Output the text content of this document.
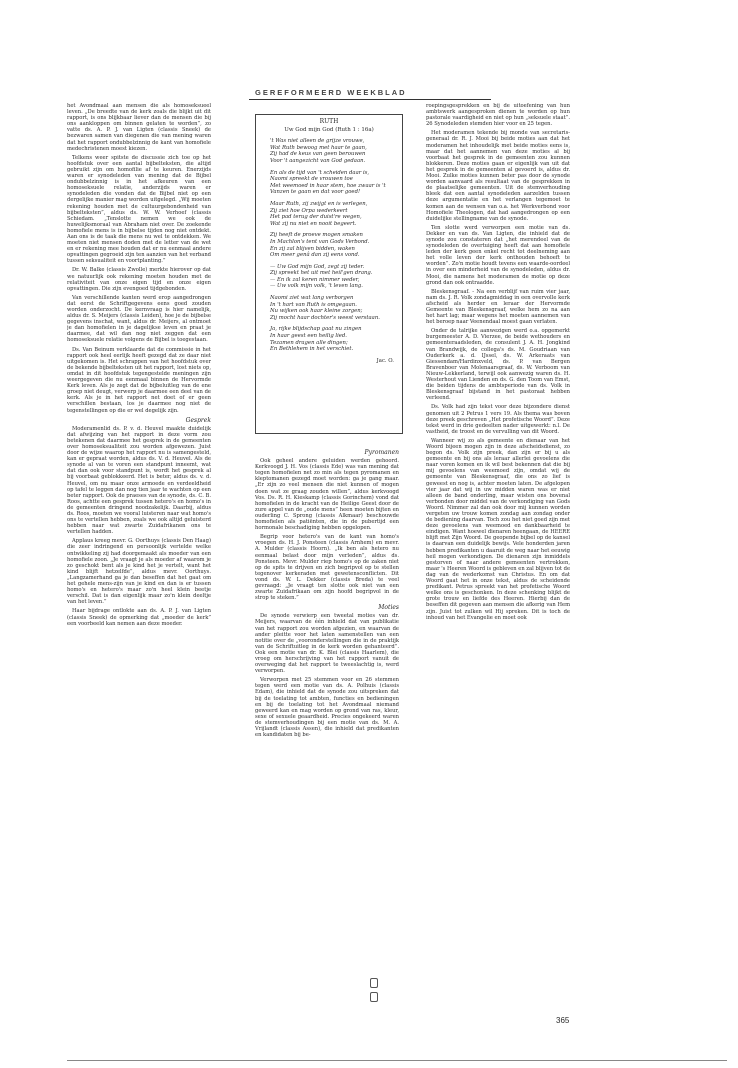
GEREFORMEERD WEEKBLAD

het Avondmaal aan mensen die als homoseksueel leven. „De breedte van de kerk zoals die blijkt uit dit rapport, is ons blijkbaar liever dan de mensen die bij ons aankloppen om binnen gelaten te worden”, zo vatte ds. A. P. J. van Ligten (classis Sneek) de bezwaren samen van diegenen die van mening waren dat het rapport ondubbelzinnig de kant van homofiele medechristenen moest kiezen.

Telkens weer spitste de discussie zich toe op het hoofdstuk over een aantal bijbelteksten, die altijd gebruikt zijn om homofilie af te keuren. Enerzijds waren er synodeleden van mening dat de Bijbel ondubbelzinnig is in het afkeuren van een homoseksuele relatie, anderzijds waren er synodeleden die vonden dat de Bijbel niet op een dergelijke manier mag worden uitgelegd. „Wij moeten rekening houden met de cultuurgebondenheid van bijbelteksten”, aldus ds. W. W. Verhoef (classis Schiedam. „Tenslotte nemen we ook de huwelijksmoraal van Abraham niet over. De zoekende homofiele mens is in bijbelse tijden nog niet ontdekt. Aan ons is de taak die mens nu wel te ontdekken. We moeten niet mensen doden met de letter van de wet en er rekening mee houden dat er nu eenmaal andere opvattingen gegroeid zijn ten aanzien van het verband tussen seksualiteit en voortplanting.”

Dr. W. Balke (classis Zwolle) merkte hierover op dat we natuurlijk ook rekening moeten houden met de relativiteit van onze eigen tijd en onze eigen opvattingen. Die zijn evengoed tijdgebonden.

Van verschillende kanten werd erop aangedrongen dat eerst de Schriftgegevens eens goed zouden worden onderzocht. De kernvraag is hier namelijk, aldus dr. S. Meijers (classis Leiden), hoe je de bijbelse gegevens inschat, want, aldus dr. Meijers, al ontmoet je dan homofielen in je dagelijkse leven en praat je daarmee, dat wil dan nog niet zeggen dat een homoseksuele relatie volgens de Bijbel is toegestaan.

Ds. Van Beinum verklaarde dat de commissie in het rapport ook heel eerlijk heeft gezegd dat ze daar niet uitgekomen is. Het schrappen van het hoofdstuk over de bekende bijbelteksten uit het rapport, lost niets op, omdat in dit hoofdstuk tegengestelde meningen zijn weergegeven die nu eenmaal binnen de Hervormde Kerk leven. Als je zegt dat de bijbeluitleg van de ene groep niet deugt, verwerp je daarmee een deel van de kerk. Als je in het rapport net doet of er geen verschillen bestaan, los je daarmee nog niet de tegenstellingen op die er wel degelijk zijn.

Gesprek

Moderamenlid ds. P. v. d. Heuvel maakte duidelijk dat afwijzing van het rapport in deze vorm zou betekenen dat daarmee het gesprek in de gemeenten over homoseksualiteit zou worden afgewezen. Juist door de wijze waarop het rapport nu is samengesteld, kan er gepraat worden, aldus ds. V. d. Heuvel. Als de synode al van te voren een standpunt inneemt, wat dat dan ook voor standpunt is, wordt het gesprek al bij voorbaat geblokkeerd. Het is beter, aldus ds. v. d. Heuvel, om nu maar onze armoede en verdeeldheid op tafel te leggen dan nog tien jaar te wachten op een beter rapport. Ook de praeses van de synode, ds. C. B. Roos, achtte een gesprek tussen hetero's en homo's in de gemeenten dringend noodzakelijk. Daarbij, aldus ds. Roos, moeten we vooral luisteren naar wat homo's ons te vertellen hebben, zoals we ook altijd geluisterd hebben naar wat zwarte Zuidafrikanen ons te vertellen hadden.

Applaus kreeg mevr. G. Oorthuys (classis Den Haag) die zeer indringend en persoonlijk vertelde welke ontwikkeling zij had doorgemaakt als moeder van een homofiele zoon. „Je vraagt je als moeder af waarom je zo geschokt bent als je kind het je vertelt, want het kind blijft hetzelfde”, aldus mevr. Oorthuys. „Langzamerhand ga je dan beseffen dat het gaat om het gehele mens-zijn van je kind en dan is er tussen homo's en hetero's maar zo'n heel klein beetje verschil. Dat is dan eigenlijk maar zo'n klein deeltje van het leven.”

Haar bijdrage ontlokte aan ds. A. P. J. van Ligten (classis Sneek) de opmerking dat „moeder de kerk” een voorbeeld kan nemen aan deze moeder.

RUTH

Uw God mijn God (Ruth 1 : 16a)

't Was niet alleen de grijze vrouwe,
Wat Ruth bewoog met haar te gaan,
Zij had de keus van geen berouwen
Voor 't aangezicht van God gedaan.
En als de tijd van 't scheiden daar is,
Naomi spreekt de vrouwen toe
Met weemoed in haar stem, hoe zwaar is 't
Vanzen te gaan en dat voor goed!
Maar Ruth, zij zwijgt en is verlegen,
Zij ziet hoe Orpa wederkeert
Het pad terug der duist're wegen,
Wat zij nu niet en nooit begeert.
Zij heeft de proeve mogen smaken
In Machlon's tent van Gods Verbond.
En zij zal blijven bidden, waken
Om meer genâ dan zij eens vond.
— Uw God mijn God, zegt zij teder.
Zij spreekt het uit met heil'gen drang.
— En ik zal keren nimmer weder,
— Uw volk mijn volk, 't leven lang.
Naomi ziet wat lang verborgen
In 't hart van Ruth is omgegaan.
Nu wijken ook haar kleine zorgen;
Zij mocht haar dochter's weest verstaan.
Ja, rijke blijdschap gaat nu zingen
In haar geest een heilig lied.
Tezamen dragen alle dingen;
En Bethlehem in het verschiet.
Jac. O.
Pyromanen

Ook geheel andere geluiden werden gehoord. Kerkvoogd J. H. Vos (classis Ede) was van mening dat tegen homofielen net zo min als tegen pyromanen en kleptomanen gezegd moet worden: ga je gang maar. „Er zijn zo veel mensen die niet kunnen of mogen doen wat ze graag zouden willen”, aldus kerkvoogd Vos. Ds. R. H. Kieskamp (classis Gorinchem) vond dat homofielen in de kracht van de Heilige Geest door de zure appel van de „oude mens” heen moeten bijten en ouderling C. Sprong (classis Alkmaar) beschouwde homofielen als patiënten, die in de pubertijd een hormonale beschadiging hebben opgelopen.

Begrip voor hetero's van de kant van homo's vroegen ds. H. J. Ponsteen (classis Arnhem) en mevr. A. Mulder (classis Hoorn). „Ik ben als hetero nu eenmaal belast door mijn verleden”, aldus ds. Ponsteen. Mevr. Mulder riep homo's op de zaken niet op de spits te drijven en zich begripvol op te stellen tegenover kerkeraden met gewetensconflicten. Dit vond ds. W. L. Dekker (classis Breda) te veel gevraagd: „Je vraagt ten slotte ook niet van een zwarte Zuidafrikaan om zijn hoofd begripvol in de strop te steken.”

Moties

De synode verwierp een tweetal moties van dr. Meijers, waarvan de één inhield dat van publikatie van het rapport zou worden afgezien, en waarvan de ander pleitte voor het laten samenstellen van een notitie over de „vooronderstellingen die in de praktijk van de Schriftuitleg in de kerk worden gehanteerd”. Ook een motie van dr. K. Blei (classis Haarlem), die vroeg om herschrijving van het rapport vanuit de overweging dat het rapport te tweeslachtig is, werd verworpen.

Verworpen met 25 stemmen voor en 26 stemmen tegen werd een motie van ds. A. Polhuis (classis Edam), die inhield dat de synode zou uitspreken dat bij de toelating tot ambten, functies en bedieningen en bij de toelating tot het Avondmaal niemand geweerd kan en mag worden op grond van ras, kleur, sexe of sexuele geaardheid. Precies ongekeerd waren de stemverhoudingen bij een motie van ds. M. A. Vrijlandt (classis Assen), die inhield dat predikanten en kandidaten bij be-

roepingsgesprekken en bij de uitoefening van hun ambtswerk aangesproken dienen te worden op hun pastorale vaardigheid en niet op hun „seksuele staat”. 26 Synodeleden stemden hier voor en 25 tegen.

Het moderamen tekende bij monde van secretaris-generaal dr. R. J. Mooi bij beide moties aan dat het moderamen het inhoudelijk met beide moties eens is, maar dat het aannemen van deze moties al bij voorbaat het gesprek in de gemeenten zou kunnen blokkeren. Deze moties gaan er eigenlijk van uit dat het gesprek in de gemeenten al gevoerd is, aldus dr. Mooi. Zulke moties kunnen beter pas door de synode worden aanvaard als resultaat van de gesprekken in de plaatselijke gemeenten. Uit de stemverhouding bleek dat een aantal synodeleden aarzelden tussen deze argumentatie en het verlangen tegemoet te komen aan de wensen van o.a. het Werkverbond voor Homofiele Theologen, dat had aangedrongen op een duidelijke stellingname van de synode.

Ten slotte werd verworpen een motie van ds. Dekker en van ds. Van Ligten, die inhield dat de synode zou constateren dat „het merendeel van de synodeleden de overtuiging heeft dat aan homofiele leden der kerk geen enkel recht tot deelneming aan het volle leven der kerk onthouden behoeft te worden”. Zo'n motie houdt tevens een waarde-oordeel in over een minderheid van de synodeleden, aldus dr. Mooi, die namens het moderamen de motie op deze grond dan ook ontraadde.

Bleskensgraaf. - Na een verblijf van ruim vier jaar, nam ds. J. R. Volk zondagmiddag in een overvolle kerk afscheid als herder en leraar der Hervormde Gemeente van Bleskensgraaf, welke hem zo na aan het hart lag; maar wegens het moeten aannemen van het beroep naar Veenendaal moest gaan verlaten.

Onder de talrijke aanwezigen werd o.a. opgemerkt burgemeester A. D. Vierzee, de beide wethouders en gemeenteraadsleden, de consulent J. A. H. Jongkind van Brandwijk, de collega's ds. M. Goudriaan van Ouderkerk a. d. IJssel, ds. W. Arkeraats van Giessendam/Hardinxveld, ds. P. van Bergen Bravenboer van Molenaarsgraaf, ds. W. Verboom van Nieuw-Lekkerland, terwijl ook aanwezig waren ds. H. Westerhout van Lienden en ds. G. den Toom van Emst, die beiden tijdens de ambtsperiode van ds. Volk in Bleskensgraaf bijstand in het pastoraat hebben verleend.

Ds. Volk had zijn tekst voor deze bijzondere dienst genomen uit 2 Petrus 1 vers 19. Als thema was boven deze preek geschreven „Het profetische Woord”. Deze tekst werd in drie gedeelten nader uitgewerkt: n.l. De vastheid, de troost en de vervulling van dit Woord.

Wanneer wij zo als gemeente en dienaar van het Woord bijeen mogen zijn in deze afscheidsdienst, zo begon ds. Volk zijn preek, dan zijn er bij u als gemeente en bij ons als leraar allerlei gevoelens die naar voren komen en ik wil best bekennen dat die bij mij gevoelens van weemoed zijn, omdat wij de gemeente van Bleskensgraaf, die ons zo lief is geweest en nog is, achter moeten laten. De afgelopen vier jaar dat wij in uw midden waren was er niet alleen de band onderling, maar wisten ons bovenal verbonden door middel van de verkondiging van Gods Woord. Nimmer zal dan ook door mij kunnen worden vergeten uw trouw komen zondag aan zondag onder de bediening daarvan. Toch zou het niet goed zijn met deze gevoelens van weemoed en dankbaarheid te eindigen. Want hoewel dienaren heengaan, de HEERE blijft met Zijn Woord. De geopende bijbel op de kansel is daarvan een duidelijk bewijs. Vele honderden jaren hebben predikanten u daaruit de weg naar het eeuwig heil mogen verkondigen. De dienaren zijn inmiddels gestorven of naar andere gemeenten vertrokken, maar 's Heeren Woord is gebleven en zal blijven tot de dag van de wederkomst van Christus. En om dat Woord gaat het in onze tekst, aldus de scheidende predikant. Petrus spreekt van het profetische Woord welke ons is geschonken. In deze schenking blijkt de grote trouw en liefde des Heeren. Hierbij dan de beseffen dit gegeven aan mensen die afkerig van Hem zijn. Juist tot zulken wil Hij spreken. Dit is toch de inhoud van het Evangelie en moet ook

365
